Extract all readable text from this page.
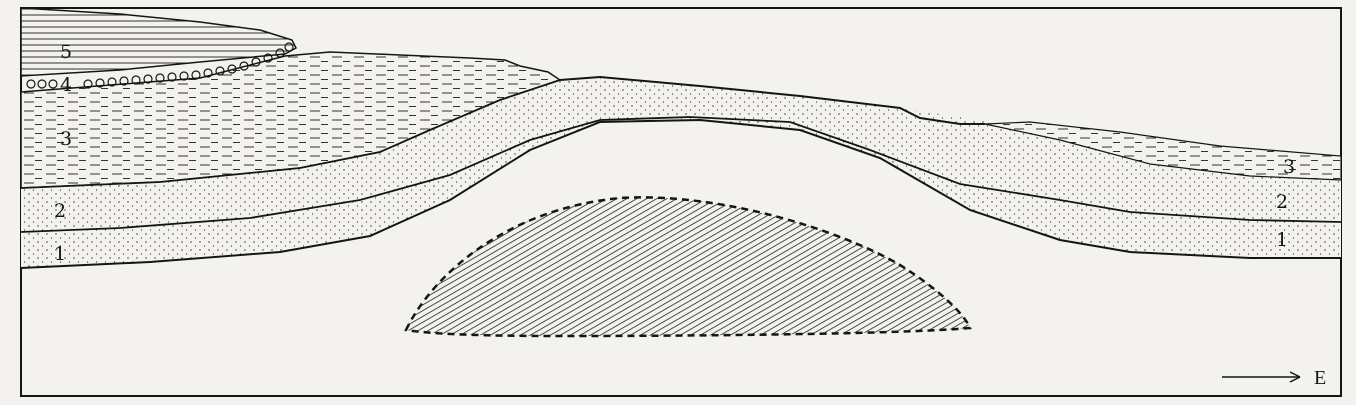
5
4
3
2
1
3
2
1
E
